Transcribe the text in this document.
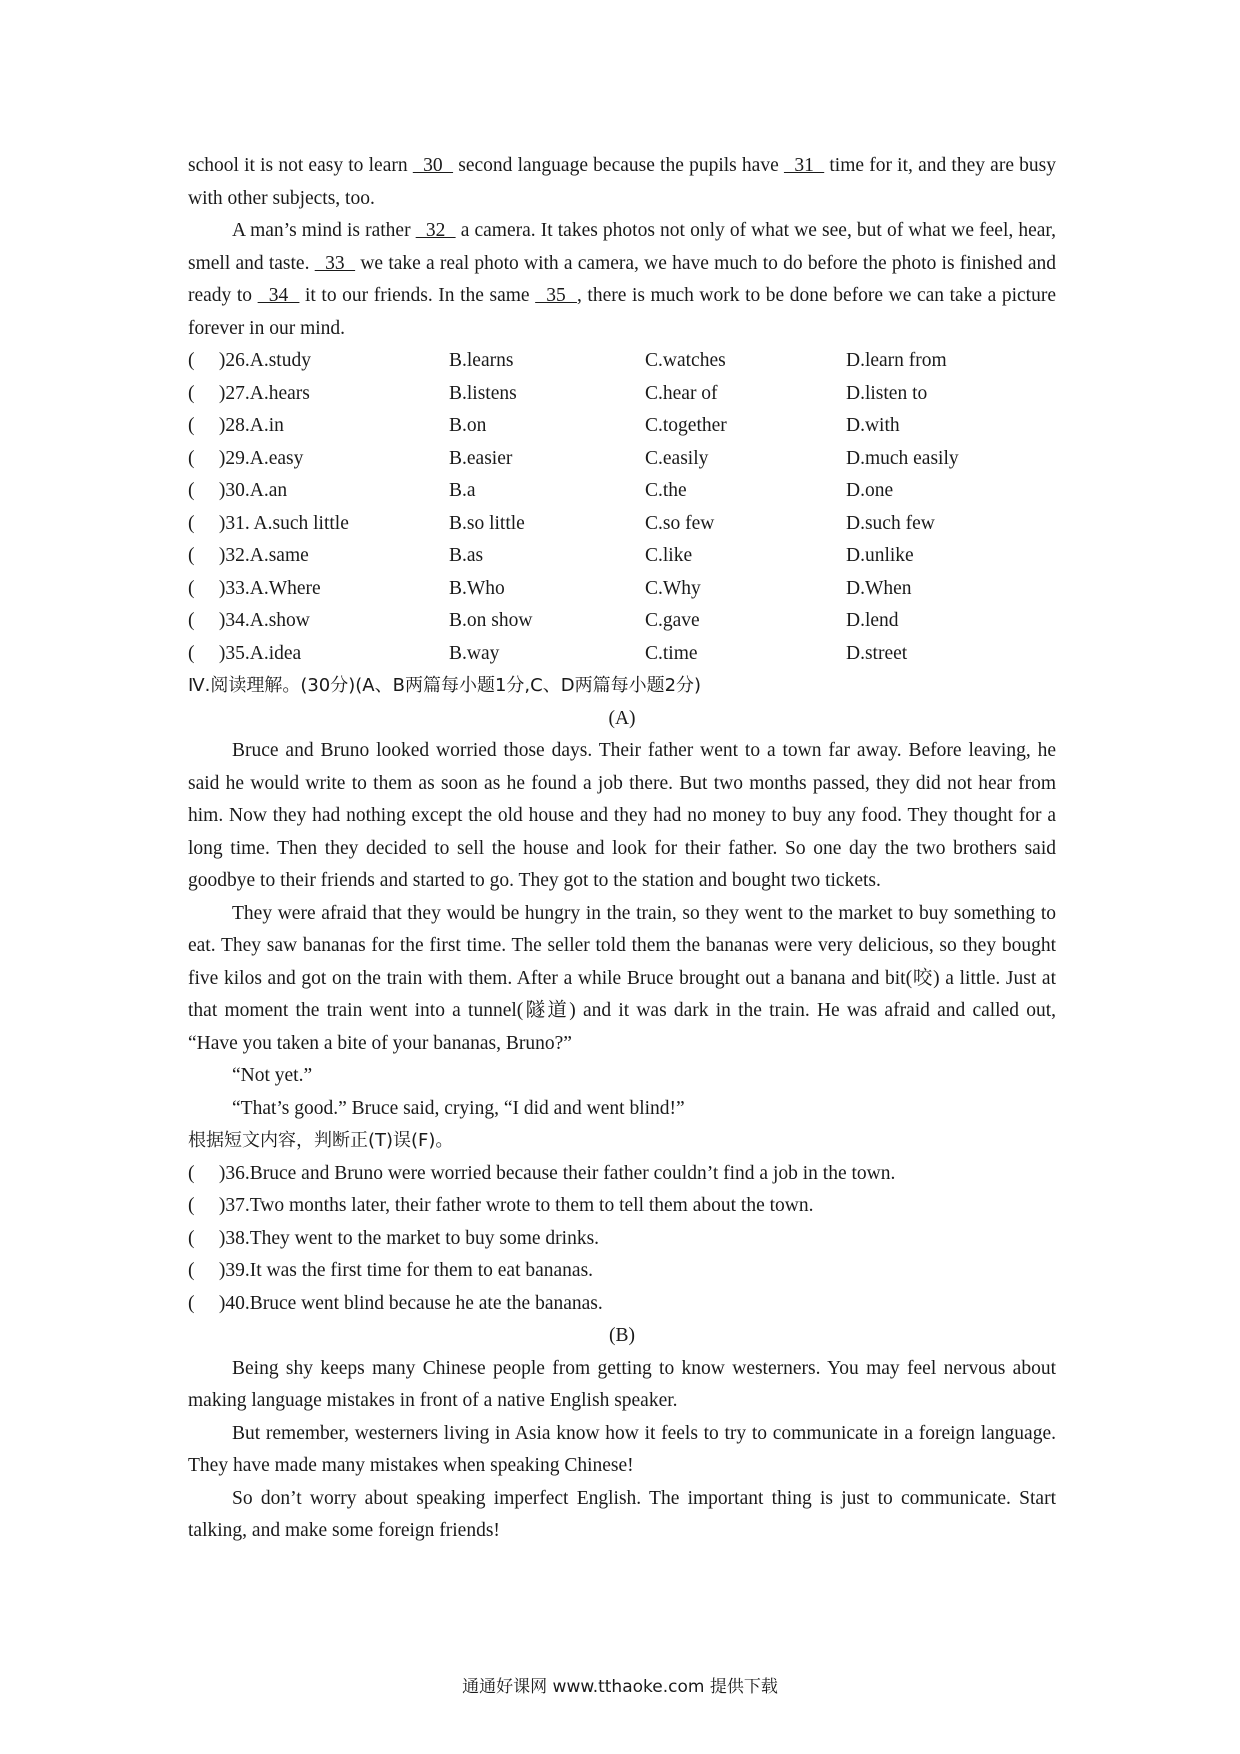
school it is not easy to learn   30   second language because the pupils have   31   time for it, and they are busy with other subjects, too.

A man’s mind is rather   32   a camera. It takes photos not only of what we see, but of what we feel, hear, smell and taste.   33   we take a real photo with a camera, we have much to do before the photo is finished and ready to   34   it to our friends. In the same   35  , there is much work to be done before we can take a picture forever in our mind.

(     )26.A.study	B.learns	C.watches	D.learn from
(     )27.A.hears	B.listens	C.hear of	D.listen to
(     )28.A.in	B.on	C.together	D.with
(     )29.A.easy	B.easier	C.easily	D.much easily
(     )30.A.an	B.a	C.the	D.one
(     )31. A.such little	B.so little	C.so few	D.such few
(     )32.A.same	B.as	C.like	D.unlike
(     )33.A.Where	B.Who	C.Why	D.When
(     )34.A.show	B.on show	C.gave	D.lend
(     )35.A.idea	B.way	C.time	D.street
Ⅳ.阅读理解。(30分)(A、B两篇每小题1分,C、D两篇每小题2分)
(A)

Bruce and Bruno looked worried those days. Their father went to a town far away. Before leaving, he said he would write to them as soon as he found a job there. But two months passed, they did not hear from him. Now they had nothing except the old house and they had no money to buy any food. They thought for a long time. Then they decided to sell the house and look for their father. So one day the two brothers said goodbye to their friends and started to go. They got to the station and bought two tickets.

They were afraid that they would be hungry in the train, so they went to the market to buy something to eat. They saw bananas for the first time. The seller told them the bananas were very delicious, so they bought five kilos and got on the train with them. After a while Bruce brought out a banana and bit(咬) a little. Just at that moment the train went into a tunnel(隧道) and it was dark in the train. He was afraid and called out, “Have you taken a bite of your bananas, Bruno?”

“Not yet.”

“That’s good.” Bruce said, crying, “I did and went blind!”

根据短文内容，判断正(T)误(F)。
(     )36.Bruce and Bruno were worried because their father couldn’t find a job in the town.
(     )37.Two months later, their father wrote to them to tell them about the town.
(     )38.They went to the market to buy some drinks.
(     )39.It was the first time for them to eat bananas.
(     )40.Bruce went blind because he ate the bananas.
(B)

Being shy keeps many Chinese people from getting to know westerners. You may feel nervous about making language mistakes in front of a native English speaker.

But remember, westerners living in Asia know how it feels to try to communicate in a foreign language. They have made many mistakes when speaking Chinese!

So don’t worry about speaking imperfect English. The important thing is just to communicate. Start talking, and make some foreign friends!

通通好课网 www.tthaoke.com 提供下载
